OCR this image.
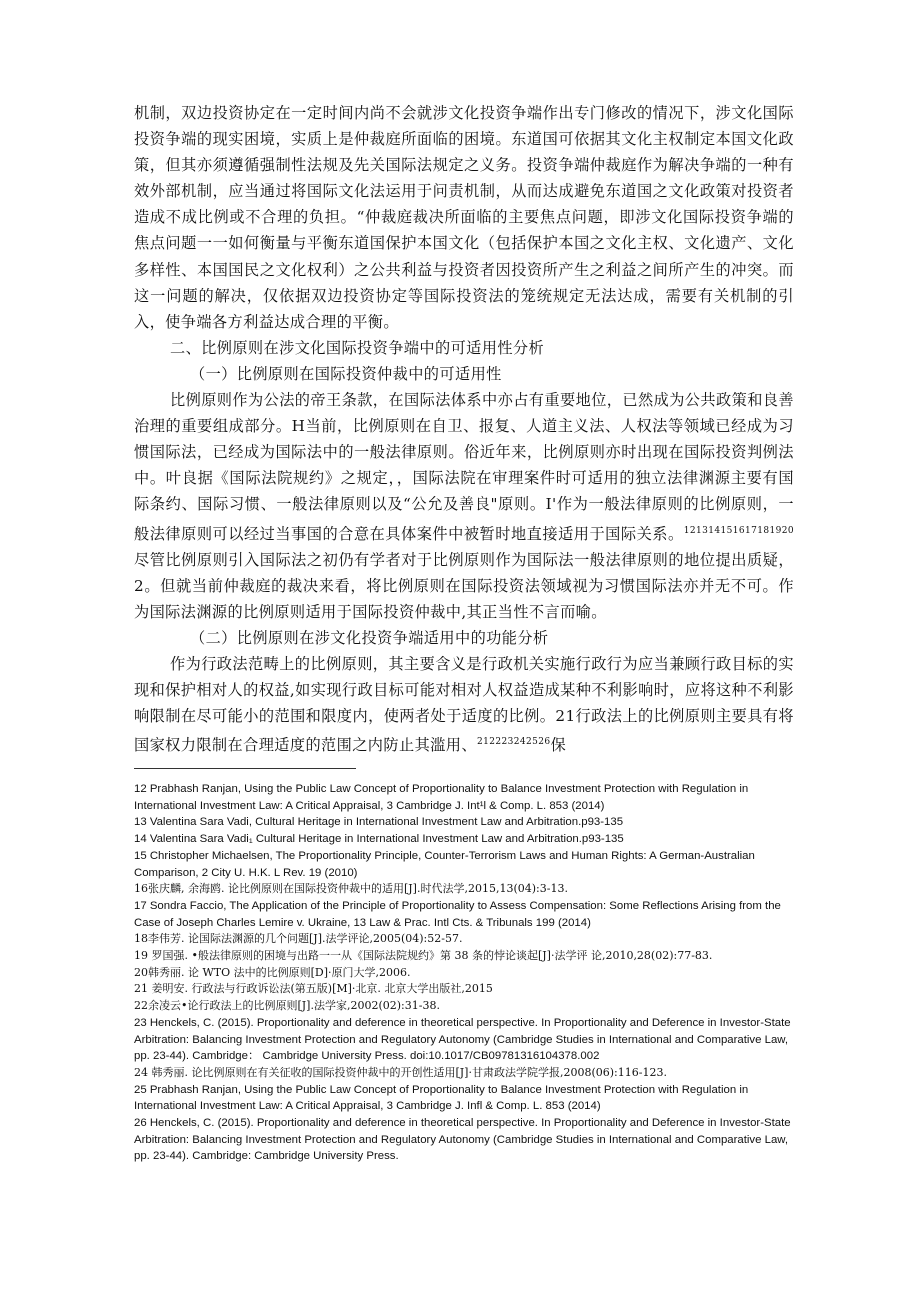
机制，双边投资协定在一定时间内尚不会就涉文化投资争端作出专门修改的情况下，涉文化国际投资争端的现实困境，实质上是仲裁庭所面临的困境。东道国可依据其文化主权制定本国文化政策，但其亦须遵循强制性法规及先关国际法规定之义务。投资争端仲裁庭作为解决争端的一种有效外部机制，应当通过将国际文化法运用于问责机制，从而达成避免东道国之文化政策对投资者造成不成比例或不合理的负担。“仲裁庭裁决所面临的主要焦点问题，即涉文化国际投资争端的焦点问题一一如何衡量与平衡东道国保护本国文化（包括保护本国之文化主权、文化遗产、文化多样性、本国国民之文化权利）之公共利益与投资者因投资所产生之利益之间所产生的冲突。而这一问题的解决，仅依据双边投资协定等国际投资法的笼统规定无法达成，需要有关机制的引入，使争端各方利益达成合理的平衡。

二、比例原则在涉文化国际投资争端中的可适用性分析

（一）比例原则在国际投资仲裁中的可适用性

比例原则作为公法的帝王条款，在国际法体系中亦占有重要地位，已然成为公共政策和良善治理的重要组成部分。H当前，比例原则在自卫、报复、人道主义法、人权法等领域已经成为习惯国际法，已经成为国际法中的一般法律原则。俗近年来，比例原则亦时出现在国际投资判例法中。叶良据《国际法院规约》之规定，，国际法院在审理案件时可适用的独立法律渊源主要有国际条约、国际习惯、一般法律原则以及“公允及善良"原则。I'作为一般法律原则的比例原则，一般法律原则可以经过当事国的合意在具体案件中被暂时地直接适用于国际关系。$^{121314151617181920}$尽管比例原则引入国际法之初仍有学者对于比例原则作为国际法一般法律原则的地位提出质疑，2。但就当前仲裁庭的裁决来看，将比例原则在国际投资法领域视为习惯国际法亦并无不可。作为国际法渊源的比例原则适用于国际投资仲裁中,其正当性不言而喻。

（二）比例原则在涉文化投资争端适用中的功能分析

作为行政法范畴上的比例原则，其主要含义是行政机关实施行政行为应当兼顾行政目标的实现和保护相对人的权益,如实现行政目标可能对相对人权益造成某种不利影响时，应将这种不利影响限制在尽可能小的范围和限度内，使两者处于适度的比例。21行政法上的比例原则主要具有将国家权力限制在合理适度的范围之内防止其滥用、$^{212223242526}$保

12 Prabhash Ranjan, Using the Public Law Concept of Proportionality to Balance Investment Protection with Regulation in International Investment Law: A Critical Appraisal, 3 Cambridge J. Int¹l & Comp. L. 853 (2014)

13 Valentina Sara Vadi, Cultural Heritage in International Investment Law and Arbitration.p93-135

14 Valentina Sara Vadi₁ Cultural Heritage in International Investment Law and Arbitration.p93-135

15 Christopher Michaelsen, The Proportionality Principle, Counter-Terrorism Laws and Human Rights: A German-Australian Comparison, 2 City U. H.K. L Rev. 19 (2010)

16张庆麟, 余海鸥. 论比例原则在国际投资仲裁中的适用[J].时代法学,2015,13(04):3-13.

17 Sondra Faccio, The Application of the Principle of Proportionality to Assess Compensation: Some Reflections Arising from the Case of Joseph Charles Lemire v. Ukraine, 13 Law & Prac. Intl Cts. & Tribunals 199 (2014)

18李伟芳. 论国际法渊源的几个问题[J].法学评论,2005(04):52-57.

19 罗国强. •般法律原则的困境与出路一一从《国际法院规约》第 38 条的悖论谈起[J]·法学评 论,2010,28(02):77-83.

20韩秀丽. 论 WTO 法中的比例原则[D]·原门大学,2006.

21 姜明安. 行政法与行政诉讼法(第五版)[M]·北京. 北京大学出版社,2015

22余凌云•论行政法上的比例原则[J].法学家,2002(02):31-38.

23 Henckels, C. (2015). Proportionality and deference in theoretical perspective. In Proportionality and Deference in Investor-State Arbitration: Balancing Investment Protection and Regulatory Autonomy (Cambridge Studies in International and Comparative Law, pp. 23-44). Cambridge： Cambridge University Press. doi:10.1017/CB09781316104378.002

24 韩秀丽. 论比例原则在有关征收的国际投资仲裁中的开创性适用[J]·甘肃政法学院学报,2008(06):116-123.

25 Prabhash Ranjan, Using the Public Law Concept of Proportionality to Balance Investment Protection with Regulation in International Investment Law: A Critical Appraisal, 3 Cambridge J. Infl & Comp. L. 853 (2014)

26 Henckels, C. (2015). Proportionality and deference in theoretical perspective. In Proportionality and Deference in Investor-State Arbitration: Balancing Investment Protection and Regulatory Autonomy (Cambridge Studies in International and Comparative Law, pp. 23-44). Cambridge: Cambridge University Press.
